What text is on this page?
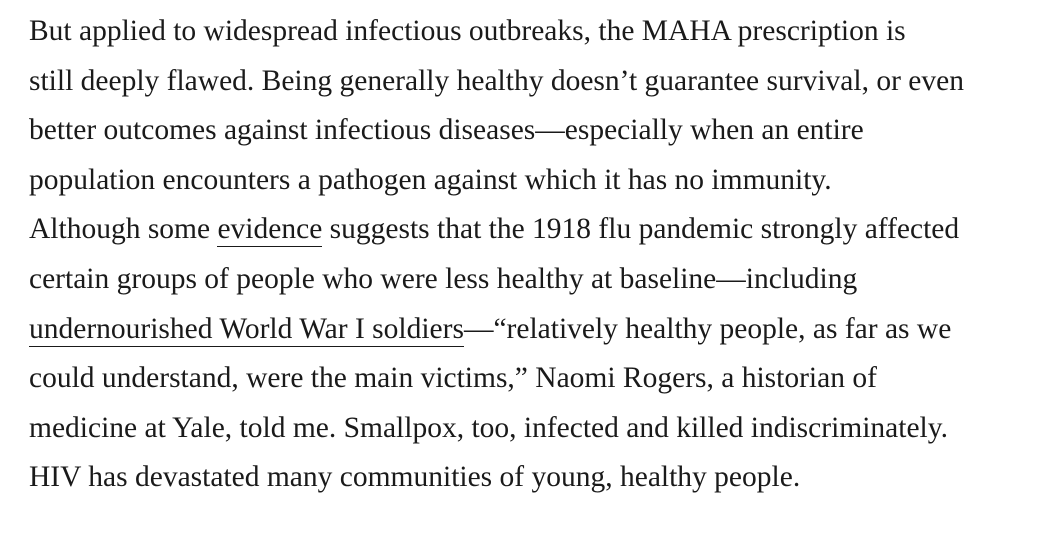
But applied to widespread infectious outbreaks, the MAHA prescription is
still deeply flawed. Being generally healthy doesn’t guarantee survival, or even
better outcomes against infectious diseases—especially when an entire
population encounters a pathogen against which it has no immunity.
Although some evidence suggests that the 1918 flu pandemic strongly affected
certain groups of people who were less healthy at baseline—including
undernourished World War I soldiers—“relatively healthy people, as far as we
could understand, were the main victims,” Naomi Rogers, a historian of
medicine at Yale, told me. Smallpox, too, infected and killed indiscriminately.
HIV has devastated many communities of young, healthy people.
